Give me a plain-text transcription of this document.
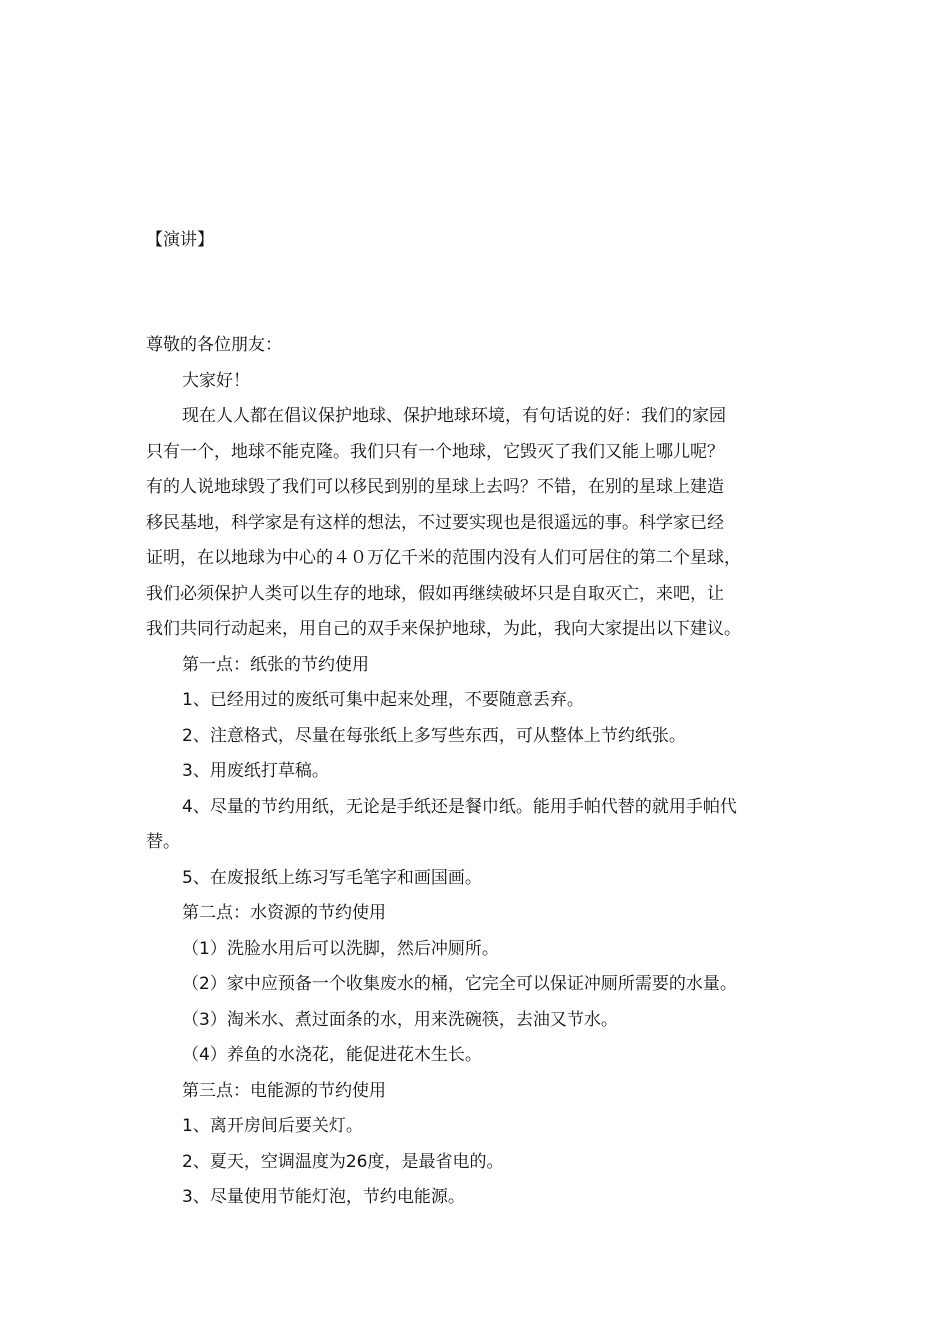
【演讲】
尊敬的各位朋友：
大家好！
现在人人都在倡议保护地球、保护地球环境，有句话说的好：我们的家园
只有一个，地球不能克隆。我们只有一个地球，它毁灭了我们又能上哪儿呢？
有的人说地球毁了我们可以移民到别的星球上去吗？不错，在别的星球上建造
移民基地，科学家是有这样的想法，不过要实现也是很遥远的事。科学家已经
证明，在以地球为中心的４０万亿千米的范围内没有人们可居住的第二个星球，
我们必须保护人类可以生存的地球，假如再继续破坏只是自取灭亡，来吧，让
我们共同行动起来，用自己的双手来保护地球，为此，我向大家提出以下建议。
第一点：纸张的节约使用
1、已经用过的废纸可集中起来处理，不要随意丢弃。
2、注意格式，尽量在每张纸上多写些东西，可从整体上节约纸张。
3、用废纸打草稿。
4、尽量的节约用纸，无论是手纸还是餐巾纸。能用手帕代替的就用手帕代
替。
5、在废报纸上练习写毛笔字和画国画。
第二点：水资源的节约使用
（1）洗脸水用后可以洗脚，然后冲厕所。
（2）家中应预备一个收集废水的桶，它完全可以保证冲厕所需要的水量。
（3）淘米水、煮过面条的水，用来洗碗筷，去油又节水。
（4）养鱼的水浇花，能促进花木生长。
第三点：电能源的节约使用
1、离开房间后要关灯。
2、夏天，空调温度为26度，是最省电的。
3、尽量使用节能灯泡，节约电能源。
